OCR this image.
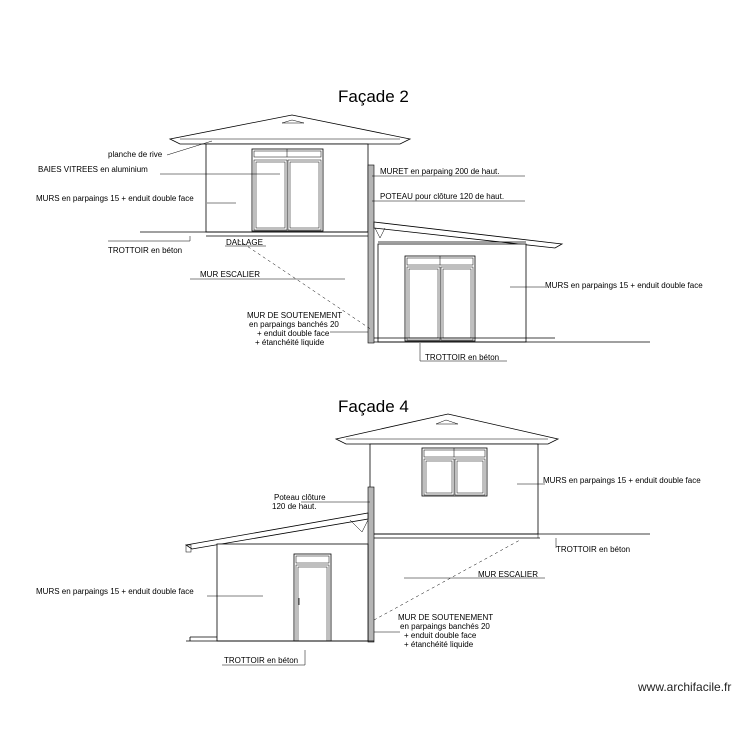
Façade 2
planche de rive
BAIES VITREES en aluminium
MURS en parpaings 15 + enduit double face
TROTTOIR en béton
DALLAGE
MUR ESCALIER
MURET en parpaing 200 de haut.
POTEAU pour clôture 120 de haut.
MURS en parpaings 15 + enduit double face
MUR DE SOUTENEMENT
en parpaings banchés 20
+ enduit double face
+ étanchéité liquide
TROTTOIR en béton
Façade 4
MURS en parpaings 15 + enduit double face
Poteau clôture
120 de haut.
TROTTOIR en béton
MUR ESCALIER
MURS en parpaings 15 + enduit double face
MUR DE SOUTENEMENT
en parpaings banchés 20
+ enduit double face
+ étanchéité liquide
TROTTOIR en béton
www.archifacile.fr
